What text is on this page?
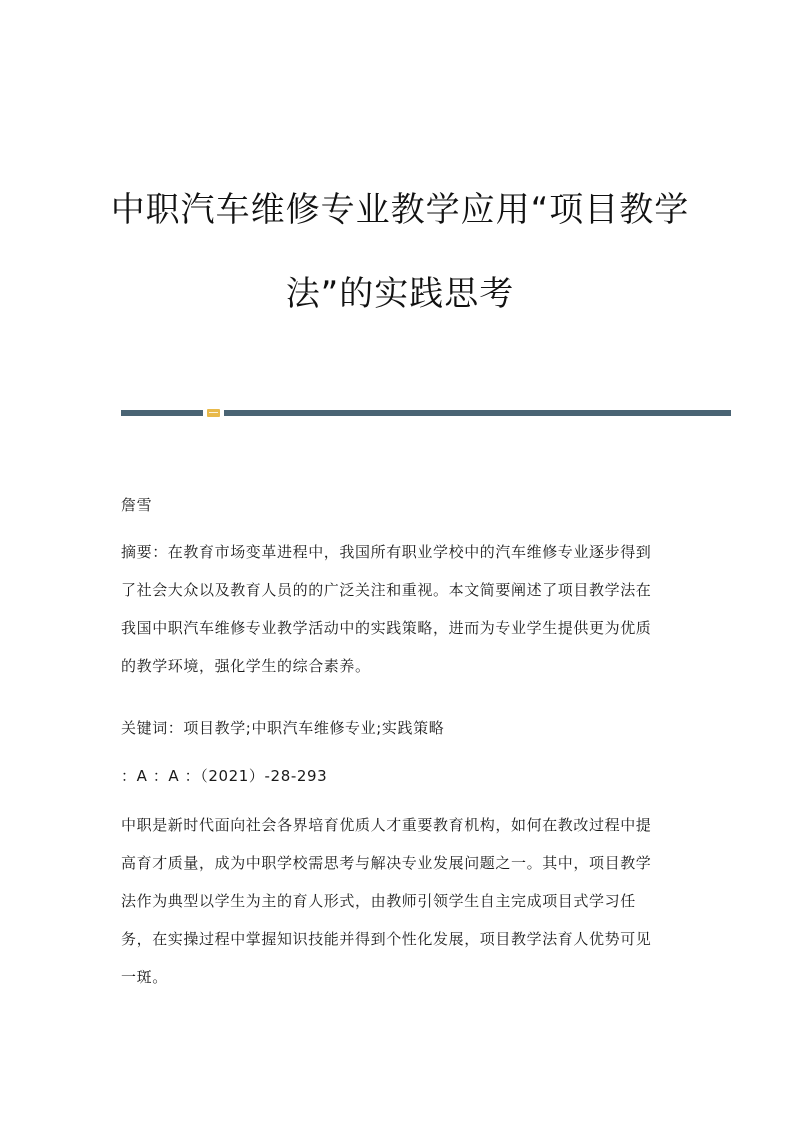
中职汽车维修专业教学应用“项目教学
法”的实践思考
詹雪
摘要：在教育市场变革进程中，我国所有职业学校中的汽车维修专业逐步得到
了社会大众以及教育人员的的广泛关注和重视。本文简要阐述了项目教学法在
我国中职汽车维修专业教学活动中的实践策略，进而为专业学生提供更为优质
的教学环境，强化学生的综合素养。
关键词：项目教学;中职汽车维修专业;实践策略
：A ：A ：（2021）-28-293
中职是新时代面向社会各界培育优质人才重要教育机构，如何在教改过程中提
高育才质量，成为中职学校需思考与解决专业发展问题之一。其中，项目教学
法作为典型以学生为主的育人形式，由教师引领学生自主完成项目式学习任
务，在实操过程中掌握知识技能并得到个性化发展，项目教学法育人优势可见
一斑。
